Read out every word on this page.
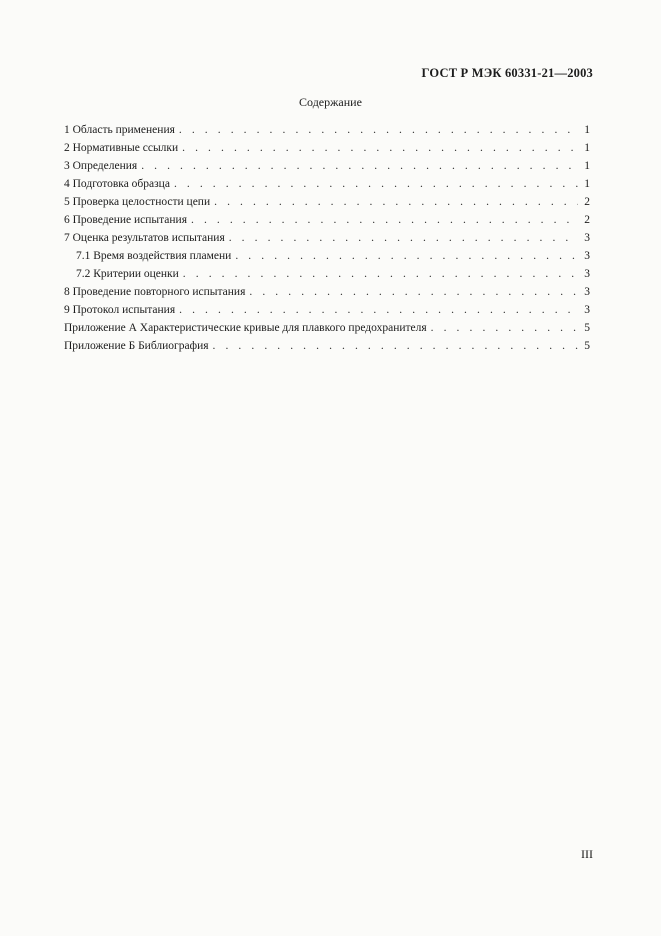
ГОСТ Р МЭК 60331-21—2003
Содержание
1 Область применения . . .	1
2 Нормативные ссылки . . .	1
3 Определения . . .	1
4 Подготовка образца . . .	1
5 Проверка целостности цепи . . .	2
6 Проведение испытания . . .	2
7 Оценка результатов испытания . . .	3
7.1 Время воздействия пламени . . .	3
7.2 Критерии оценки . . .	3
8 Проведение повторного испытания . . .	3
9 Протокол испытания . . .	3
Приложение А Характеристические кривые для плавкого предохранителя . . .	5
Приложение Б Библиография . . .	5
III
